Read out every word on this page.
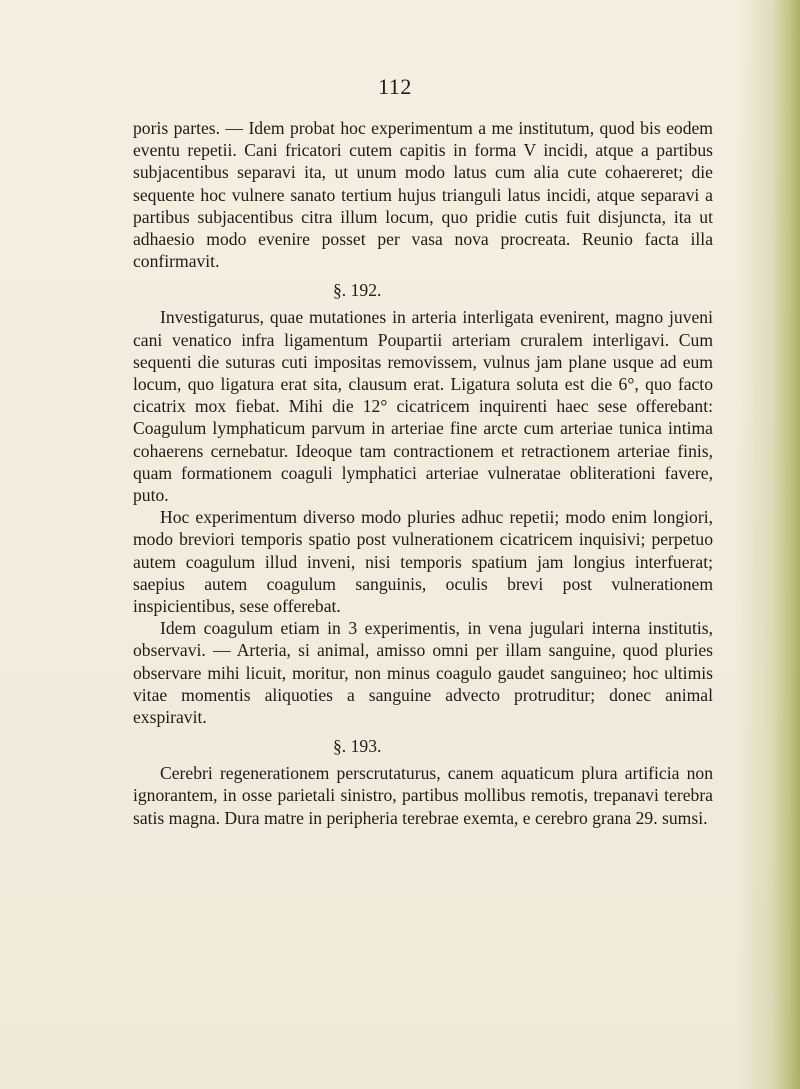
112

poris partes. — Idem probat hoc experimentum a me institutum, quod bis eodem eventu repetii. Cani fricatori cutem capitis in forma V incidi, atque a partibus subjacentibus separavi ita, ut unum modo latus cum alia cute cohaereret; die sequente hoc vulnere sanato tertium hujus trianguli latus incidi, atque separavi a partibus subjacentibus citra illum locum, quo pridie cutis fuit disjuncta, ita ut adhaesio modo evenire posset per vasa nova procreata. Reunio facta illa confirmavit.

§. 192.

Investigaturus, quae mutationes in arteria interligata evenirent, magno juveni cani venatico infra ligamentum Poupartii arteriam cruralem interligavi. Cum sequenti die suturas cuti impositas removissem, vulnus jam plane usque ad eum locum, quo ligatura erat sita, clausum erat. Ligatura soluta est die 6°, quo facto cicatrix mox fiebat. Mihi die 12° cicatricem inquirenti haec sese offerebant: Coagulum lymphaticum parvum in arteriae fine arcte cum arteriae tunica intima cohaerens cernebatur. Ideoque tam contractionem et retractionem arteriae finis, quam formationem coaguli lymphatici arteriae vulneratae obliterationi favere, puto.

Hoc experimentum diverso modo pluries adhuc repetii; modo enim longiori, modo breviori temporis spatio post vulnerationem cicatricem inquisivi; perpetuo autem coagulum illud inveni, nisi temporis spatium jam longius interfuerat; saepius autem coagulum sanguinis, oculis brevi post vulnerationem inspicientibus, sese offerebat.

Idem coagulum etiam in 3 experimentis, in vena jugulari interna institutis, observavi. — Arteria, si animal, amisso omni per illam sanguine, quod pluries observare mihi licuit, moritur, non minus coagulo gaudet sanguineo; hoc ultimis vitae momentis aliquoties a sanguine advecto protruditur; donec animal exspiravit.

§. 193.

Cerebri regenerationem perscrutaturus, canem aquaticum plura artificia non ignorantem, in osse parietali sinistro, partibus mollibus remotis, trepanavi terebra satis magna. Dura matre in peripheria terebrae exemta, e cerebro grana 29. sumsi.
